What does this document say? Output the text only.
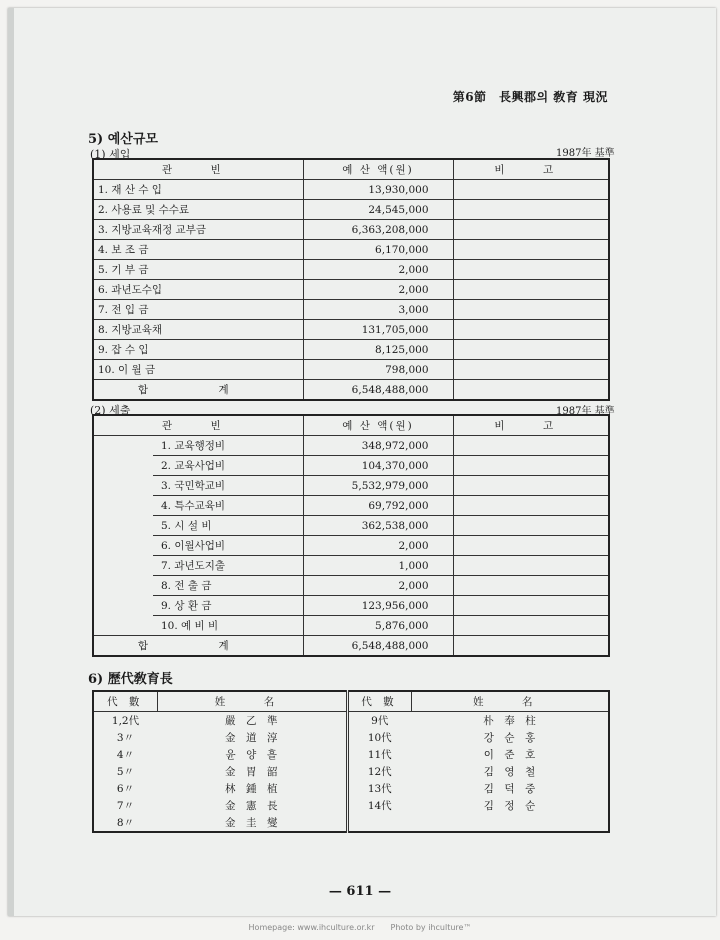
第6節　長興郡의 敎育 現況
5) 예산규모
(1) 세입	1987年 基準
관　빈	예 산 액(원)	비　고
1. 재 산 수 입	13,930,000	
2. 사용료 및 수수료	24,545,000	
3. 지방교육재정 교부금	6,363,208,000	
4. 보 조 금	6,170,000	
5. 기 부 금	2,000	
6. 과년도수입	2,000	
7. 전 입 금	3,000	
8. 지방교육채	131,705,000	
9. 잡 수 입	8,125,000	
10. 이 월 금	798,000	
합　계	6,548,488,000	
(2) 세출	1987年 基準
관　빈		예 산 액(원)	비　고
	1. 교육행정비	348,972,000	
	2. 교육사업비	104,370,000	
	3. 국민학교비	5,532,979,000	
	4. 특수교육비	69,792,000	
	5. 시 설 비	362,538,000	
	6. 이월사업비	2,000	
	7. 과년도지출	1,000	
	8. 전 출 금	2,000	
	9. 상 환 금	123,956,000	
	10. 예 비 비	5,876,000	
합　계		6,548,488,000	
6) 歷代敎育長
代 數	姓　名	代 數	姓　名
1,2代	嚴　乙　準	9代	朴　奉　柱
3〃	金　道　淳	10代	강　순　홍
4〃	윤　양　흘	11代	이　준　호
5〃	金　胃　韶	12代	김　영　철
6〃	林　鍾　植	13代	김　덕　중
7〃	金　憲　長	14代	김　정　순
8〃	金　圭　燮		
— 611 —
Homepage: www.ihculture.or.kr　　Photo by ihculture™
